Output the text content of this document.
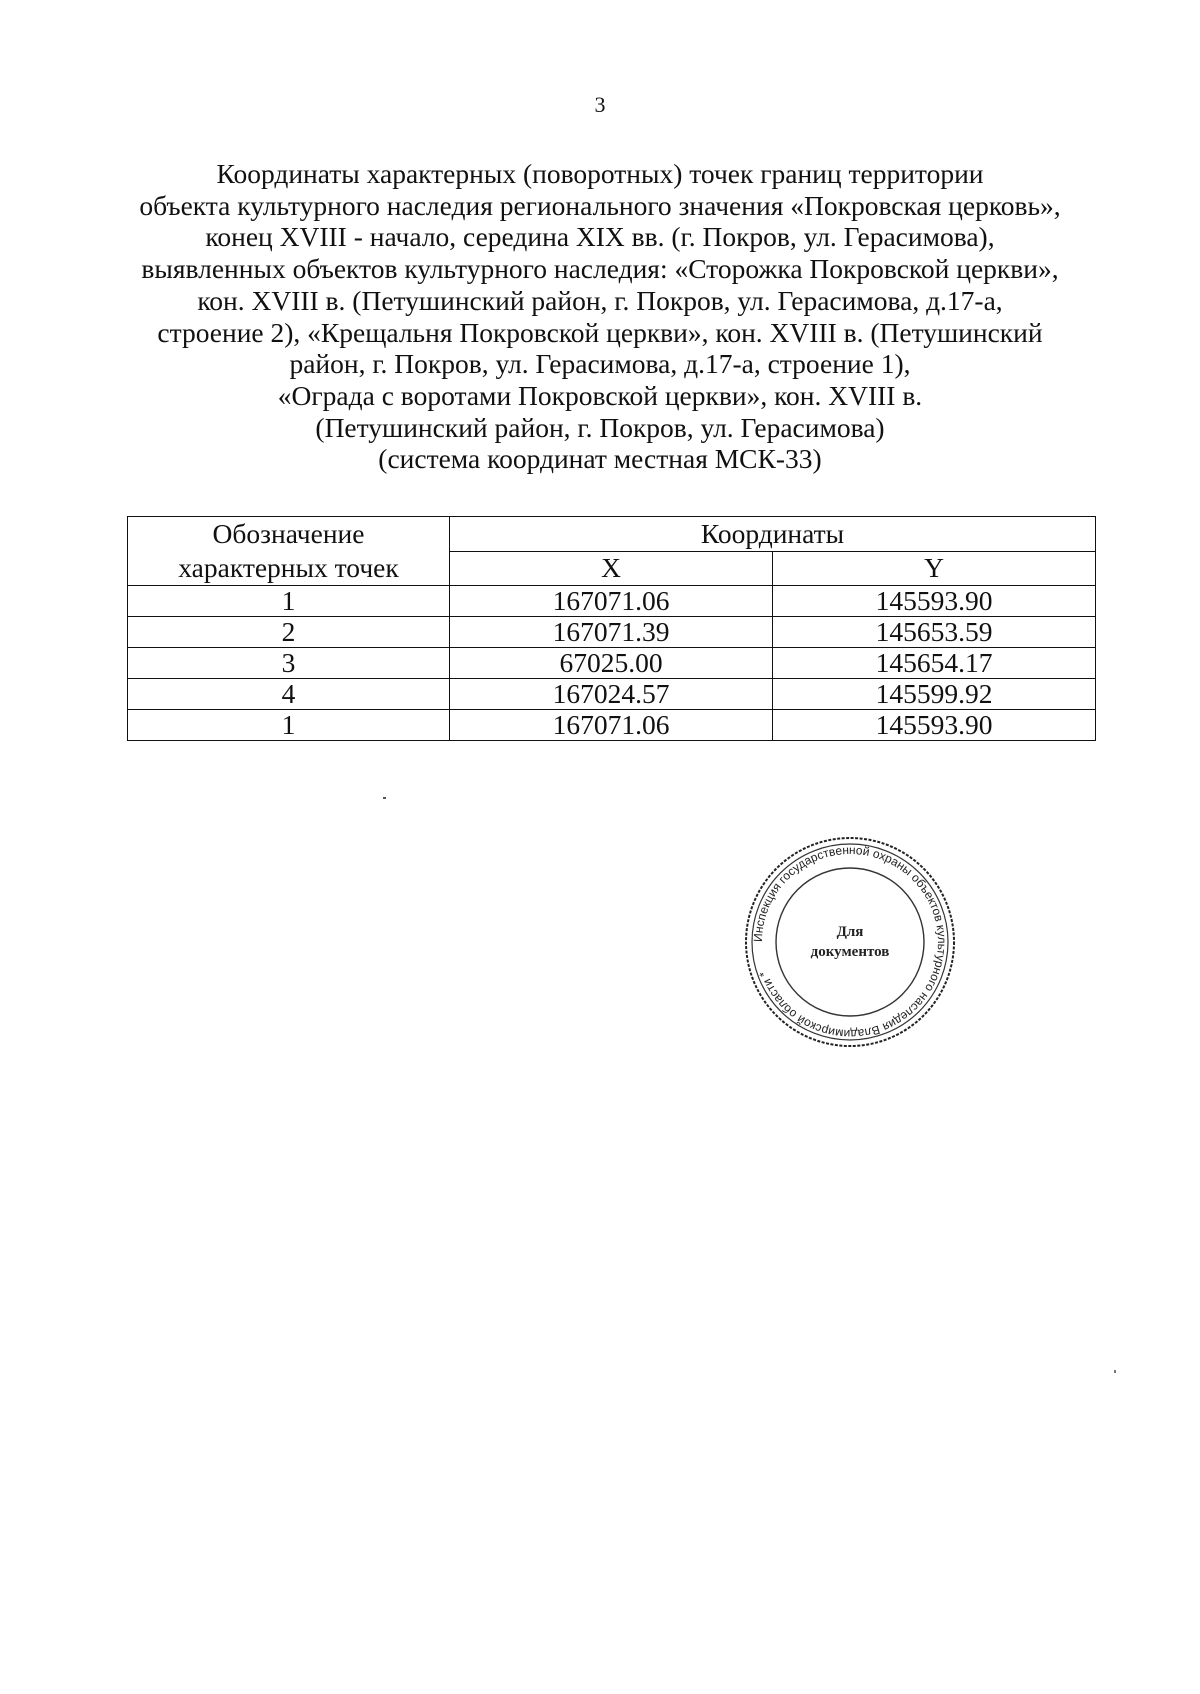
3
Координаты характерных (поворотных) точек границ территории
объекта культурного наследия регионального значения «Покровская церковь»,
конец XVIII - начало, середина XIX вв. (г. Покров, ул. Герасимова),
выявленных объектов культурного наследия: «Сторожка Покровской церкви»,
кон. XVIII в. (Петушинский район, г. Покров, ул. Герасимова, д.17-а,
строение 2), «Крещальня Покровской церкви», кон. XVIII в. (Петушинский
район, г. Покров, ул. Герасимова, д.17-а, строение 1),
«Ограда с воротами Покровской церкви», кон. XVIII в.
(Петушинский район, г. Покров, ул. Герасимова)
(система координат местная МСК-33)
Обозначение
характерных точек	Координаты	
	X	Y
1	167071.06	145593.90
2	167071.39	145653.59
3	67025.00	145654.17
4	167024.57	145599.92
1	167071.06	145593.90
Инспекция государственной охраны объектов культурного наследия Владимирской области *
Для
документов
